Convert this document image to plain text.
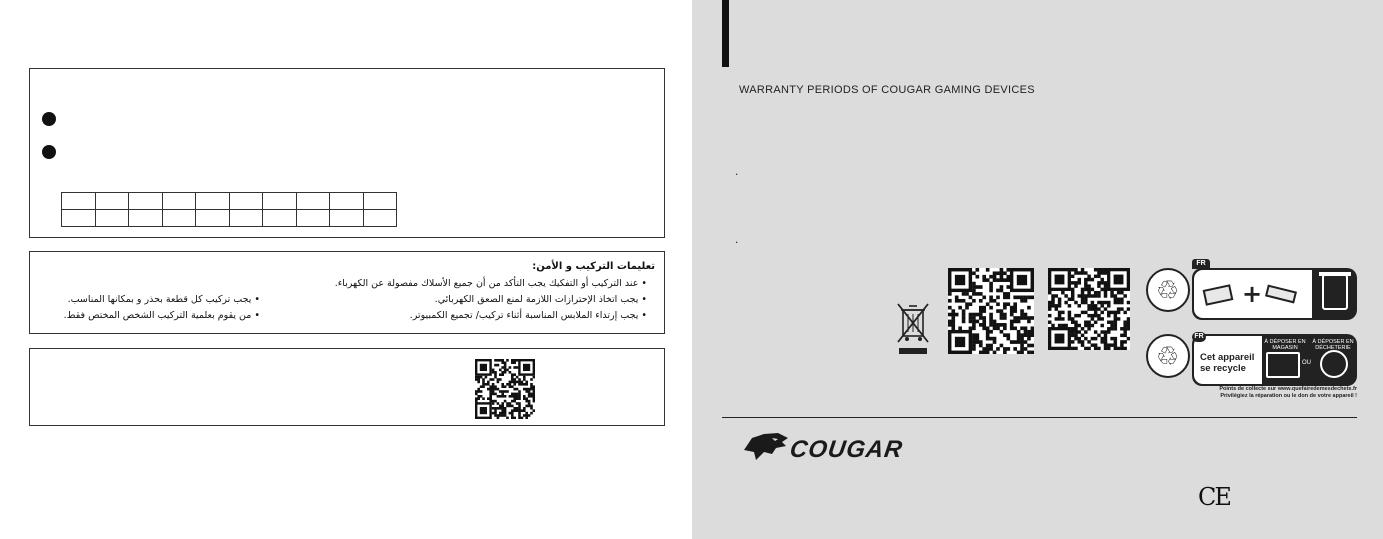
تعليمات التركيب و الأمن:
• عند التركيب أو التفكيك يجب التأكد من أن جميع الأسلاك مفصولة عن الكهرباء.
• يجب اتخاذ الإحترازات اللازمة لمنع الصعق الكهربائي.
• يجب إرتداء الملابس المناسبة أثناء تركيب/ تجميع الكمبيوتر.
• يجب تركيب كل قطعة بحذر و بمكانها المناسب.
• من يقوم بعلمية التركيب الشخص المختص فقط.
WARRANTY PERIODS OF COUGAR GAMING DEVICES
.
.
♲
♲
FR
+
Cet appareil
se recycle
À DÉPOSER EN MAGASIN
À DÉPOSER EN DÉCHETERIE
OU
FR
Points de collecte sur www.quefairedemesdechets.fr
Privilégiez la réparation ou le don de votre appareil !
COUGAR
CE
